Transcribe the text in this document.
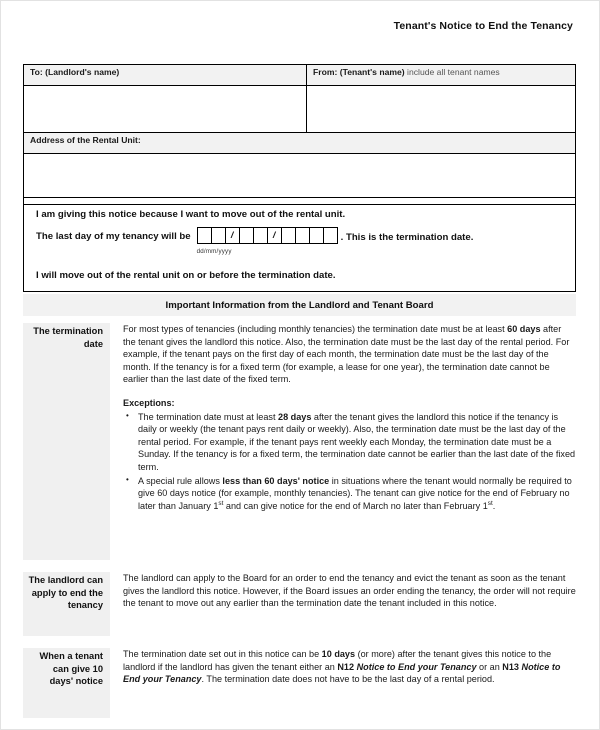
Tenant's Notice to End the Tenancy
To: (Landlord's name)	From: (Tenant's name) include all tenant names

Address of the Rental Unit:	

I am giving this notice because I want to move out of the rental unit.
The last day of my tenancy will be	/	/
dd/mm/yyyy
. This is the termination date.
I will move out of the rental unit on or before the termination date.
Important Information from the Landlord and Tenant Board
The termination date

For most types of tenancies (including monthly tenancies) the termination date must be at least 60 days after the tenant gives the landlord this notice. Also, the termination date must be the last day of the rental period. For example, if the tenant pays on the first day of each month, the termination date must be the last day of the month. If the tenancy is for a fixed term (for example, a lease for one year), the termination date cannot be earlier than the last date of the fixed term.

Exceptions:

• The termination date must at least 28 days after the tenant gives the landlord this notice if the tenancy is daily or weekly (the tenant pays rent daily or weekly). Also, the termination date must be the last day of the rental period. For example, if the tenant pays rent weekly each Monday, the termination date must be a Sunday. If the tenancy is for a fixed term, the termination date cannot be earlier than the last date of the fixed term.
• A special rule allows less than 60 days' notice in situations where the tenant would normally be required to give 60 days notice (for example, monthly tenancies). The tenant can give notice for the end of February no later than January 1st and can give notice for the end of March no later than February 1st.
The landlord can apply to end the tenancy

The landlord can apply to the Board for an order to end the tenancy and evict the tenant as soon as the tenant gives the landlord this notice. However, if the Board issues an order ending the tenancy, the order will not require the tenant to move out any earlier than the termination date the tenant included in this notice.

When a tenant can give 10 days' notice

The termination date set out in this notice can be 10 days (or more) after the tenant gives this notice to the landlord if the landlord has given the tenant either an N12 Notice to End your Tenancy or an N13 Notice to End your Tenancy. The termination date does not have to be the last day of a rental period.
